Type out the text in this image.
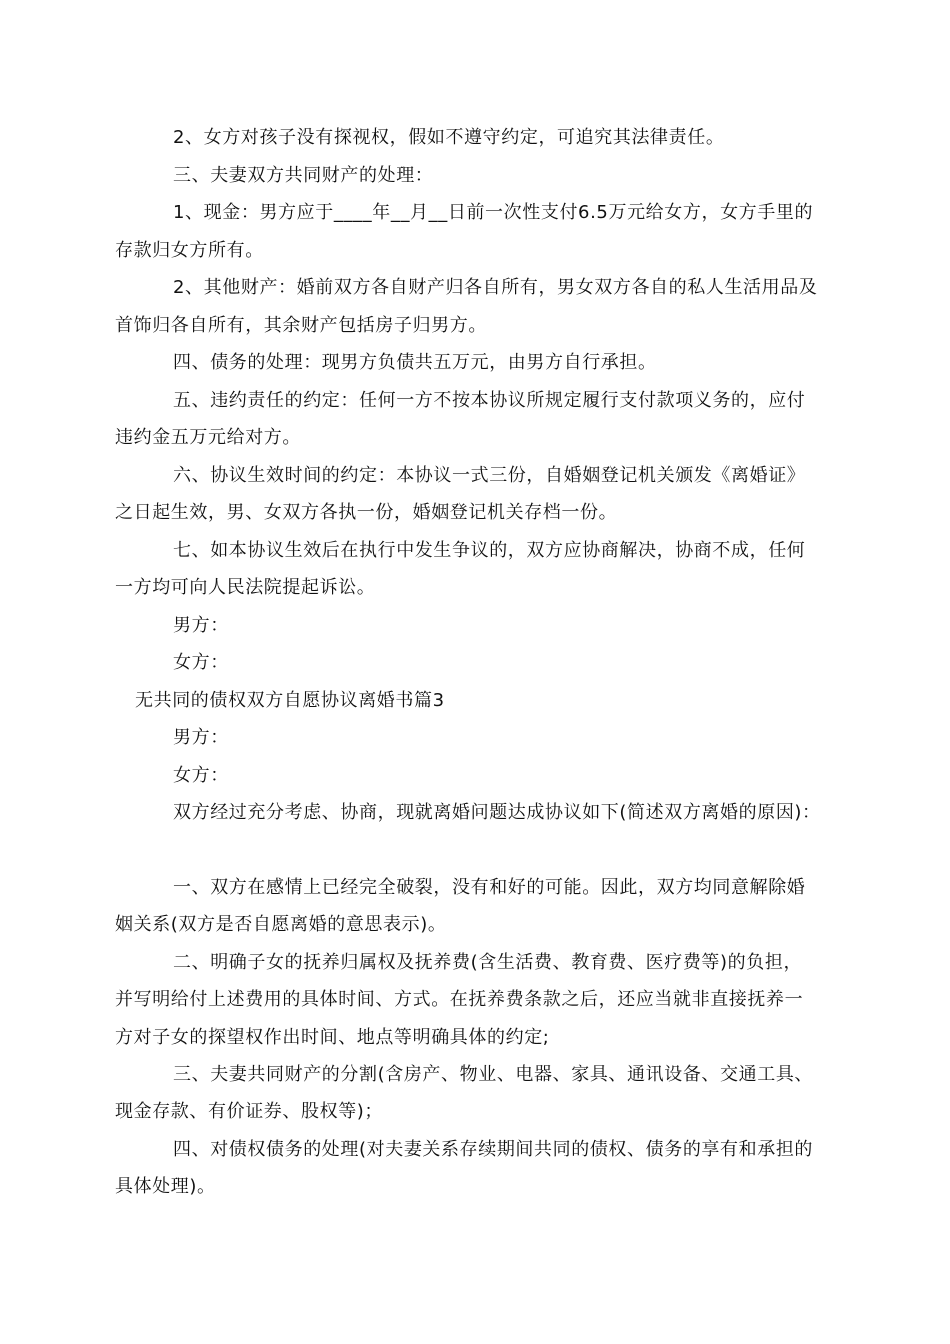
2、女方对孩子没有探视权，假如不遵守约定，可追究其法律责任。
三、夫妻双方共同财产的处理：
1、现金：男方应于____年__月__日前一次性支付6.5万元给女方，女方手里的
存款归女方所有。
2、其他财产：婚前双方各自财产归各自所有，男女双方各自的私人生活用品及
首饰归各自所有，其余财产包括房子归男方。
四、债务的处理：现男方负债共五万元，由男方自行承担。
五、违约责任的约定：任何一方不按本协议所规定履行支付款项义务的，应付
违约金五万元给对方。
六、协议生效时间的约定：本协议一式三份，自婚姻登记机关颁发《离婚证》
之日起生效，男、女双方各执一份，婚姻登记机关存档一份。
七、如本协议生效后在执行中发生争议的，双方应协商解决，协商不成，任何
一方均可向人民法院提起诉讼。
男方：
女方：
无共同的债权双方自愿协议离婚书篇3
男方：
女方：
双方经过充分考虑、协商，现就离婚问题达成协议如下(简述双方离婚的原因)：
一、双方在感情上已经完全破裂，没有和好的可能。因此，双方均同意解除婚
姻关系(双方是否自愿离婚的意思表示)。
二、明确子女的抚养归属权及抚养费(含生活费、教育费、医疗费等)的负担，
并写明给付上述费用的具体时间、方式。在抚养费条款之后，还应当就非直接抚养一
方对子女的探望权作出时间、地点等明确具体的约定;
三、夫妻共同财产的分割(含房产、物业、电器、家具、通讯设备、交通工具、
现金存款、有价证券、股权等)；
四、对债权债务的处理(对夫妻关系存续期间共同的债权、债务的享有和承担的
具体处理)。
